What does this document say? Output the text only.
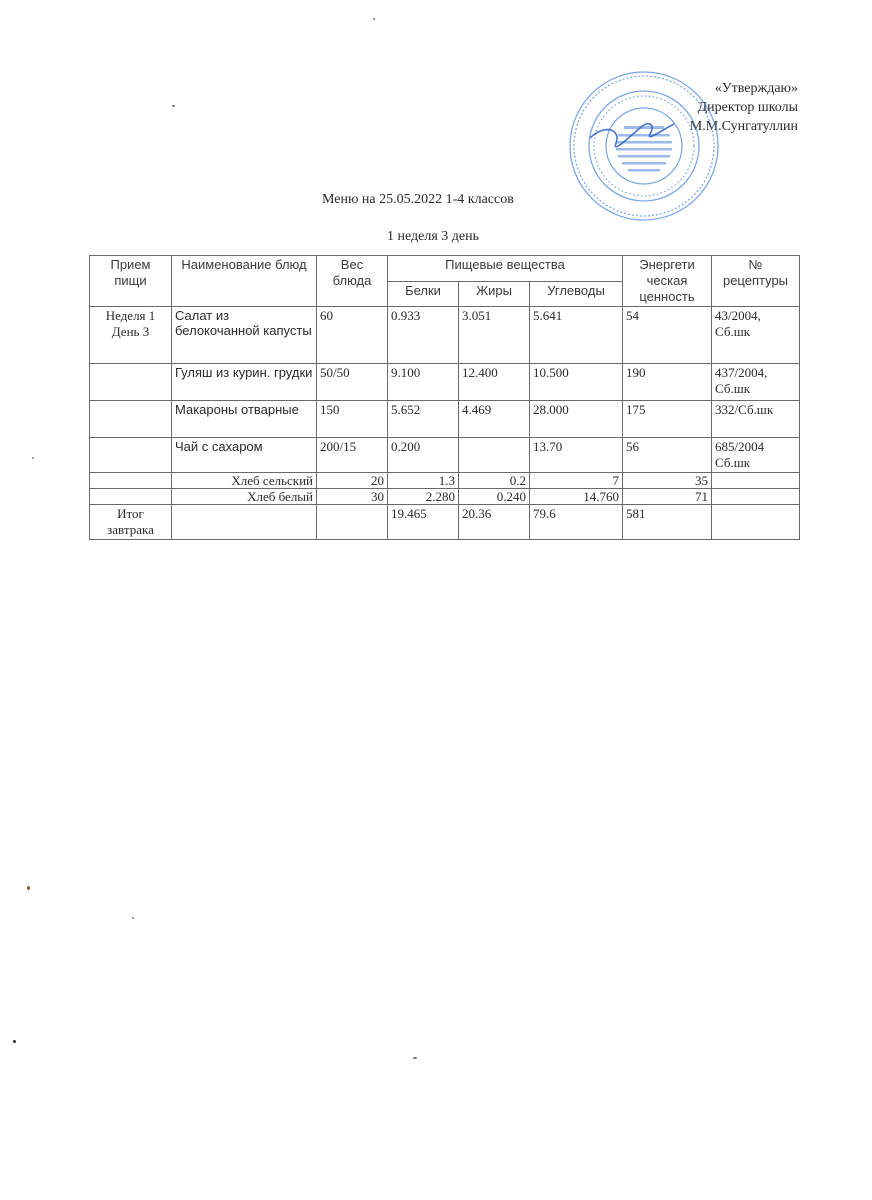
«Утверждаю»
Директор школы
М.М.Сунгатуллин
Меню на 25.05.2022 1-4 классов
1 неделя 3 день
Прием пищи	Наименование блюд	Вес блюда	Пищевые вещества			Энергети ческая ценность	№ рецептуры
			Белки	Жиры	Углеводы		
Неделя 1 День 3	Салат из белокочанной капусты	60	0.933	3.051	5.641	54	43/2004, Сб.шк
	Гуляш из курин. грудки	50/50	9.100	12.400	10.500	190	437/2004, Сб.шк
	Макароны отварные	150	5.652	4.469	28.000	175	332/Сб.шк
	Чай с сахаром	200/15	0.200		13.70	56	685/2004 Сб.шк
	Хлеб сельский	20	1.3	0.2	7	35	
	Хлеб белый	30	2.280	0.240	14.760	71	
Итог завтрака			19.465	20.36	79.6	581	
